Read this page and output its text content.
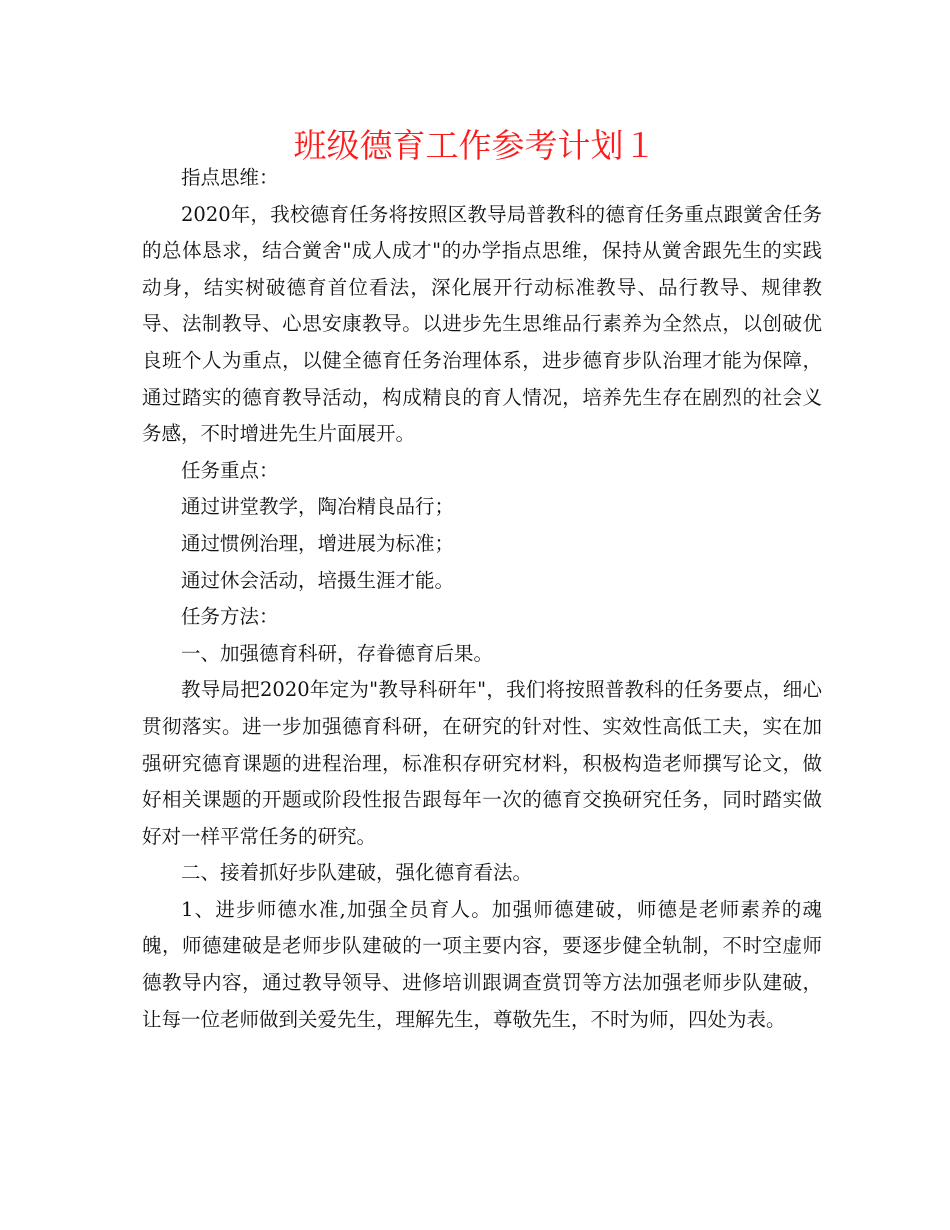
班级德育工作参考计划１

指点思维：

2020年，我校德育任务将按照区教导局普教科的德育任务重点跟黉舍任务的总体恳求，结合黉舍"成人成才"的办学指点思维，保持从黉舍跟先生的实践动身，结实树破德育首位看法，深化展开行动标准教导、品行教导、规律教导、法制教导、心思安康教导。以进步先生思维品行素养为全然点，以创破优良班个人为重点，以健全德育任务治理体系，进步德育步队治理才能为保障，通过踏实的德育教导活动，构成精良的育人情况，培养先生存在剧烈的社会义务感，不时增进先生片面展开。

任务重点：

通过讲堂教学，陶冶精良品行；

通过惯例治理，增进展为标准；

通过休会活动，培摄生涯才能。

任务方法：

一、加强德育科研，存眷德育后果。

教导局把2020年定为"教导科研年"，我们将按照普教科的任务要点，细心贯彻落实。进一步加强德育科研，在研究的针对性、实效性高低工夫，实在加强研究德育课题的进程治理，标准积存研究材料，积极构造老师撰写论文，做好相关课题的开题或阶段性报告跟每年一次的德育交换研究任务，同时踏实做好对一样平常任务的研究。

二、接着抓好步队建破，强化德育看法。

1、进步师德水准,加强全员育人。加强师德建破，师德是老师素养的魂魄，师德建破是老师步队建破的一项主要内容，要逐步健全轨制，不时空虚师德教导内容，通过教导领导、进修培训跟调查赏罚等方法加强老师步队建破，让每一位老师做到关爱先生，理解先生，尊敬先生，不时为师，四处为表。
